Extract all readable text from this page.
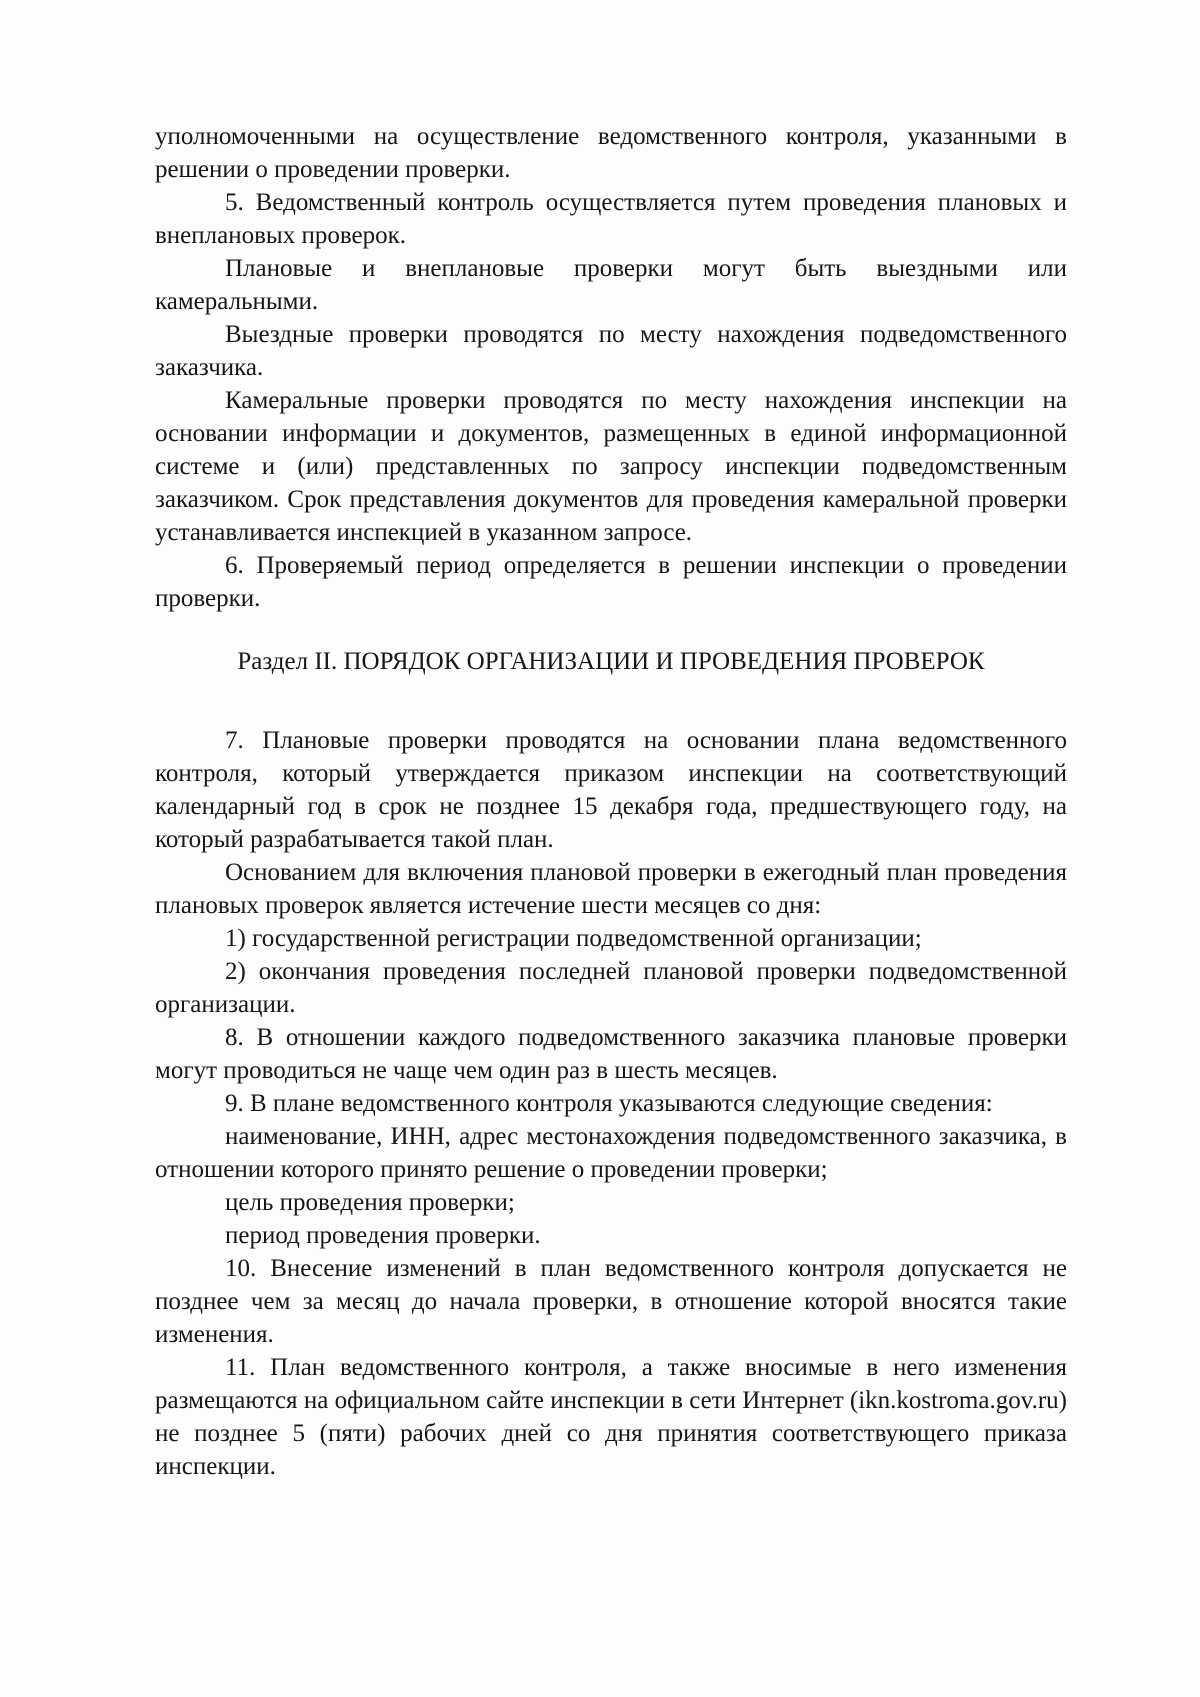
уполномоченными на осуществление ведомственного контроля, указанными в решении о проведении проверки.

5. Ведомственный контроль осуществляется путем проведения плановых и внеплановых проверок.

Плановые и внеплановые проверки могут быть выездными или камеральными.

Выездные проверки проводятся по месту нахождения подведомственного заказчика.

Камеральные проверки проводятся по месту нахождения инспекции на основании информации и документов, размещенных в единой информационной системе и (или) представленных по запросу инспекции подведомственным заказчиком. Срок представления документов для проведения камеральной проверки устанавливается инспекцией в указанном запросе.

6. Проверяемый период определяется в решении инспекции о проведении проверки.

Раздел II. ПОРЯДОК ОРГАНИЗАЦИИ И ПРОВЕДЕНИЯ ПРОВЕРОК

7. Плановые проверки проводятся на основании плана ведомственного контроля, который утверждается приказом инспекции на соответствующий календарный год в срок не позднее 15 декабря года, предшествующего году, на который разрабатывается такой план.

Основанием для включения плановой проверки в ежегодный план проведения плановых проверок является истечение шести месяцев со дня:

1) государственной регистрации подведомственной организации;

2) окончания проведения последней плановой проверки подведомственной организации.

8. В отношении каждого подведомственного заказчика плановые проверки могут проводиться не чаще чем один раз в шесть месяцев.

9. В плане ведомственного контроля указываются следующие сведения:

наименование, ИНН, адрес местонахождения подведомственного заказчика, в отношении которого принято решение о проведении проверки;

цель проведения проверки;

период проведения проверки.

10. Внесение изменений в план ведомственного контроля допускается не позднее чем за месяц до начала проверки, в отношение которой вносятся такие изменения.

11. План ведомственного контроля, а также вносимые в него изменения размещаются на официальном сайте инспекции в сети Интернет (ikn.kostroma.gov.ru) не позднее 5 (пяти) рабочих дней со дня принятия соответствующего приказа инспекции.
